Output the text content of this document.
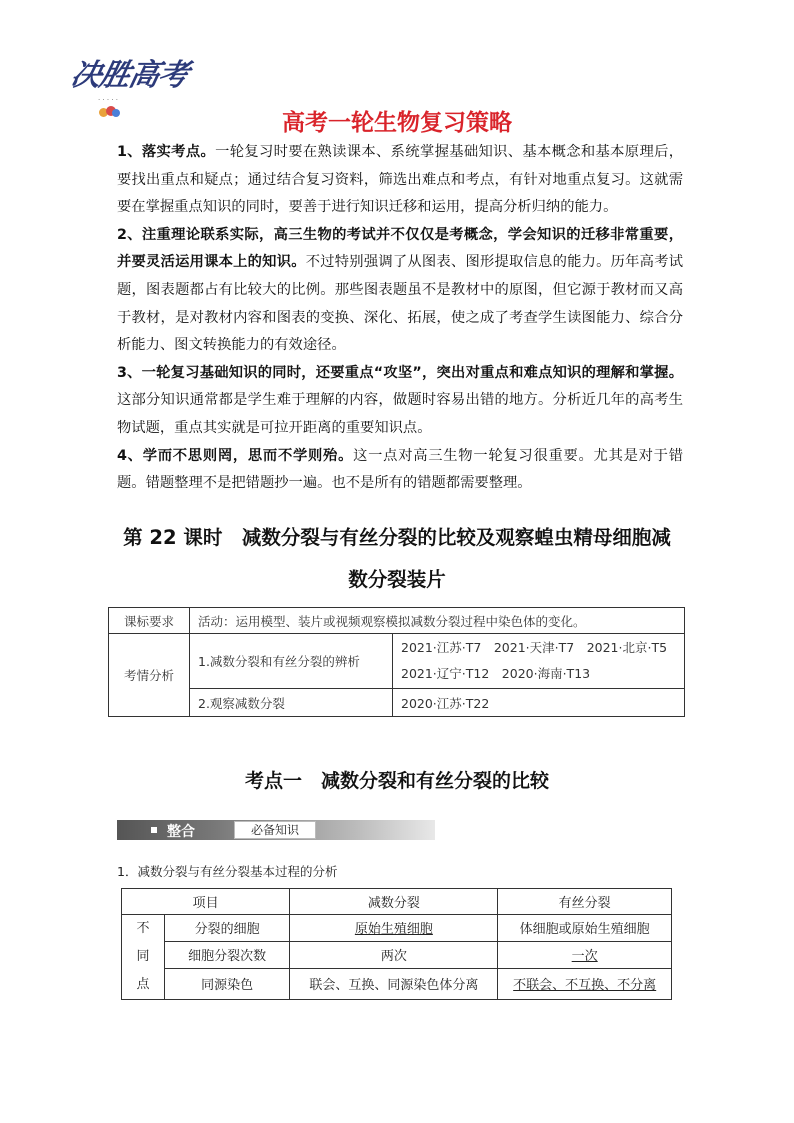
决胜高考
· · · · ·
高考一轮生物复习策略

1、落实考点。一轮复习时要在熟读课本、系统掌握基础知识、基本概念和基本原理后，要找出重点和疑点；通过结合复习资料，筛选出难点和考点，有针对地重点复习。这就需要在掌握重点知识的同时，要善于进行知识迁移和运用，提高分析归纳的能力。

2、注重理论联系实际，高三生物的考试并不仅仅是考概念，学会知识的迁移非常重要，并要灵活运用课本上的知识。不过特别强调了从图表、图形提取信息的能力。历年高考试题，图表题都占有比较大的比例。那些图表题虽不是教材中的原图，但它源于教材而又高于教材，是对教材内容和图表的变换、深化、拓展，使之成了考查学生读图能力、综合分析能力、图文转换能力的有效途径。

3、一轮复习基础知识的同时，还要重点“攻坚”，突出对重点和难点知识的理解和掌握。这部分知识通常都是学生难于理解的内容，做题时容易出错的地方。分析近几年的高考生物试题，重点其实就是可拉开距离的重要知识点。

4、学而不思则罔，思而不学则殆。这一点对高三生物一轮复习很重要。尤其是对于错题。错题整理不是把错题抄一遍。也不是所有的错题都需要整理。

第 22 课时　减数分裂与有丝分裂的比较及观察蝗虫精母细胞减数分裂装片
课标要求	活动：运用模型、装片或视频观察模拟减数分裂过程中染色体的变化。	
考情分析	1.减数分裂和有丝分裂的辨析	2021·江苏·T7　2021·天津·T7　2021·北京·T5
2021·辽宁·T12　2020·海南·T13

	2.观察减数分裂	2020·江苏·T22
考点一　减数分裂和有丝分裂的比较
整合	必备知识
1．减数分裂与有丝分裂基本过程的分析
项目		减数分裂	有丝分裂

不
同
点	分裂的细胞	原始生殖细胞	体细胞或原始生殖细胞
	细胞分裂次数	两次	一次
	同源染色	联会、互换、同源染色体分离	不联会、不互换、不分离
